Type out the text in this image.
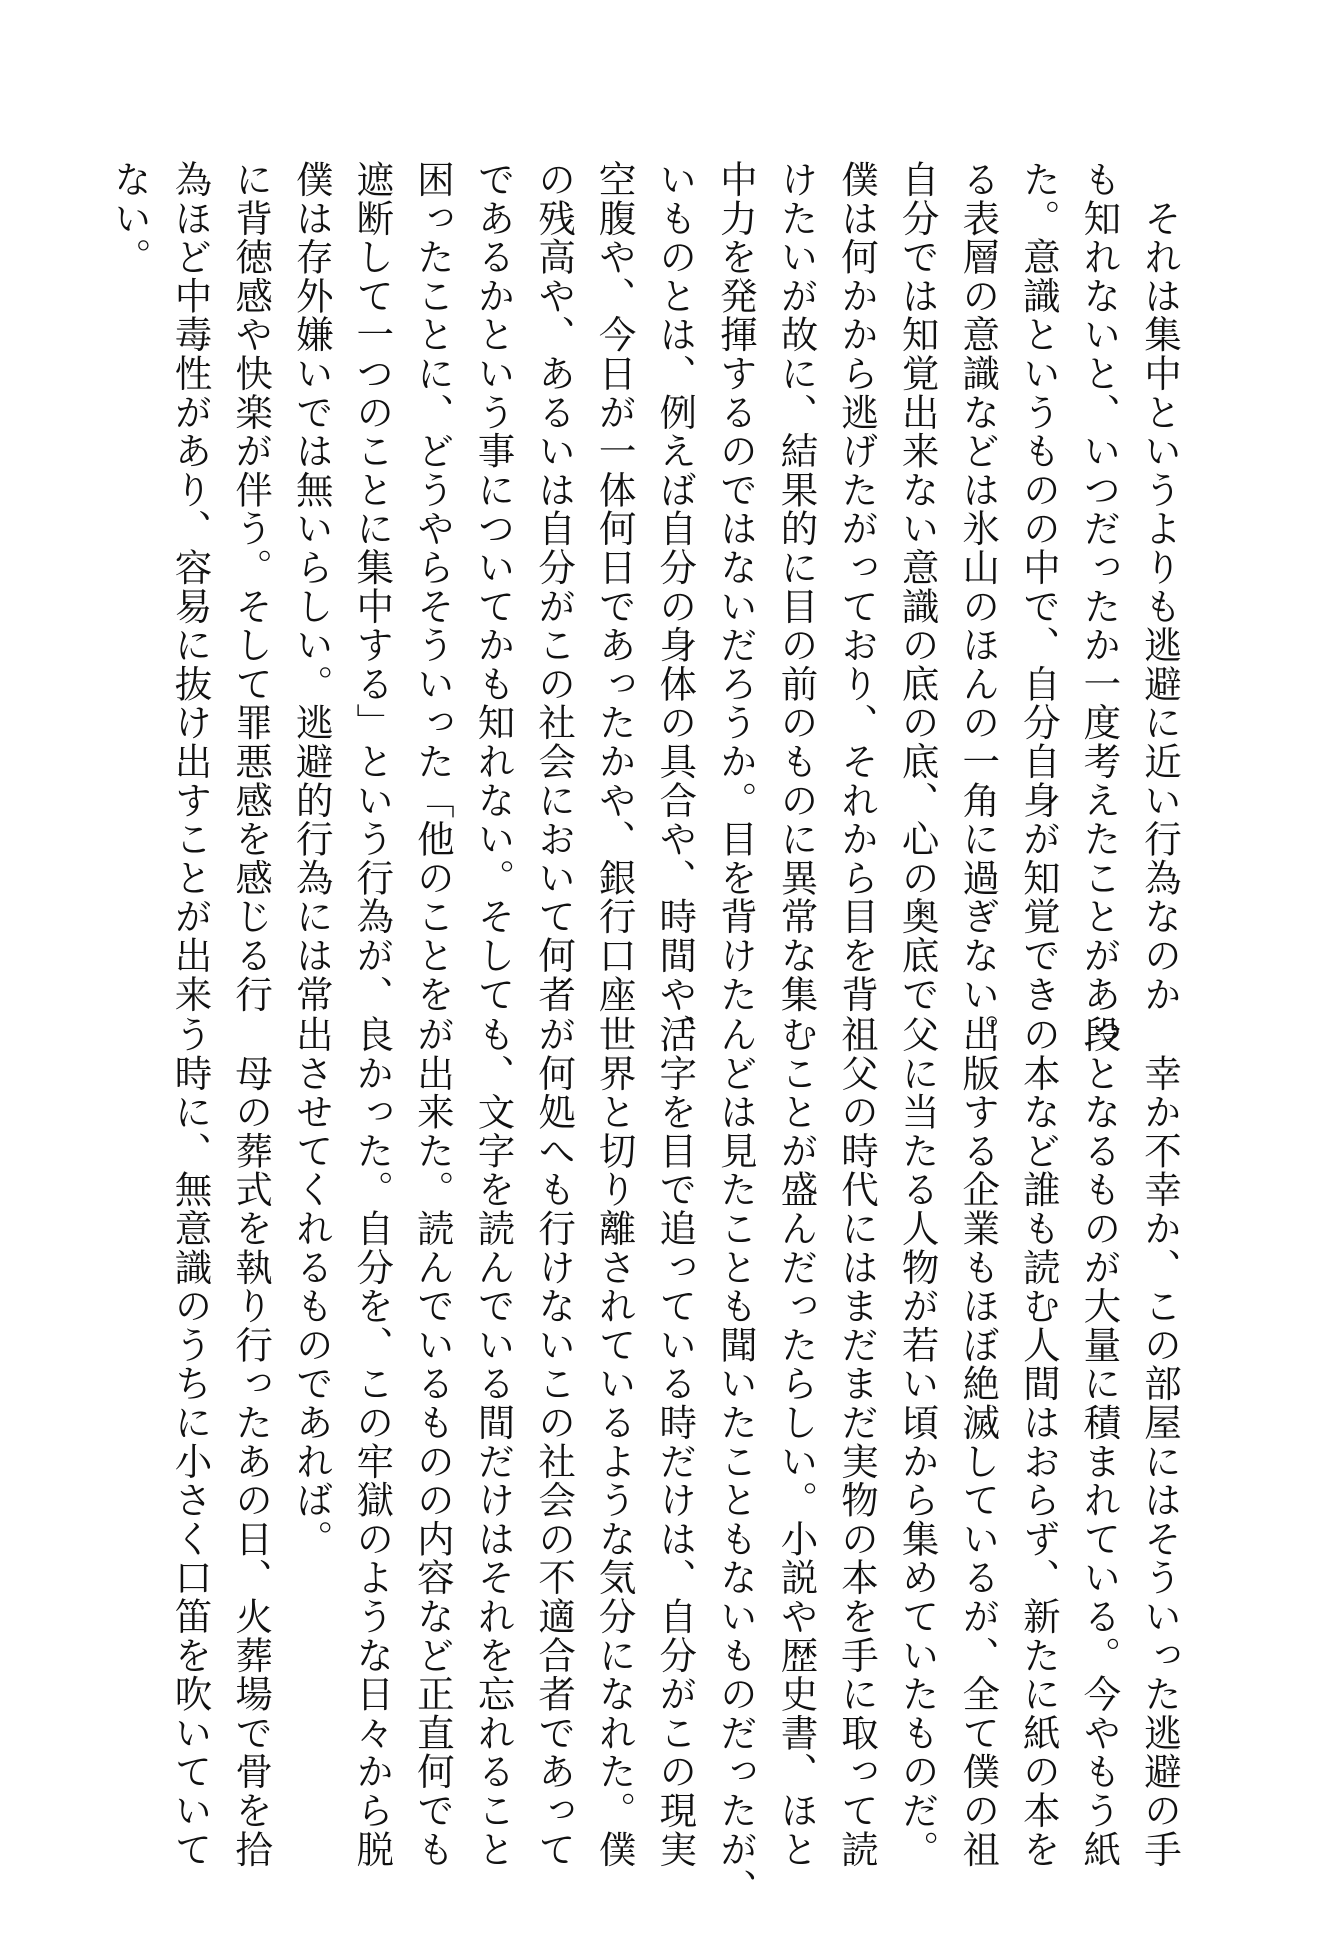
　それは集中というよりも逃避に近い行為なのか
も知れないと、いつだったか一度考えたことがあっ
た。意識というものの中で、自分自身が知覚でき
る表層の意識などは氷山のほんの一角に過ぎない。
自分では知覚出来ない意識の底の底、心の奥底で
僕は何かから逃げたがっており、それから目を背
けたいが故に、結果的に目の前のものに異常な集
中力を発揮するのではないだろうか。目を背けた
いものとは、例えば自分の身体の具合や、時間や、
空腹や、今日が一体何日であったかや、銀行口座
の残高や、あるいは自分がこの社会において何者
であるかという事についてかも知れない。そして
困ったことに、どうやらそういった「他のことを
遮断して一つのことに集中する」という行為が、
僕は存外嫌いでは無いらしい。逃避的行為には常
に背徳感や快楽が伴う。そして罪悪感を感じる行
為ほど中毒性があり、容易に抜け出すことが出来
ない。
　幸か不幸か、この部屋にはそういった逃避の手
段となるものが大量に積まれている。今やもう紙
の本など誰も読む人間はおらず、新たに紙の本を
出版する企業もほぼ絶滅しているが、全て僕の祖
父に当たる人物が若い頃から集めていたものだ。
祖父の時代にはまだまだ実物の本を手に取って読
むことが盛んだったらしい。小説や歴史書、ほと
んどは見たことも聞いたこともないものだったが、
活字を目で追っている時だけは、自分がこの現実
世界と切り離されているような気分になれた。僕
が何処へも行けないこの社会の不適合者であって
も、文字を読んでいる間だけはそれを忘れること
が出来た。読んでいるものの内容など正直何でも
良かった。自分を、この牢獄のような日々から脱
出させてくれるものであれば。
　母の葬式を執り行ったあの日、火葬場で骨を拾
う時に、無意識のうちに小さく口笛を吹いていて
